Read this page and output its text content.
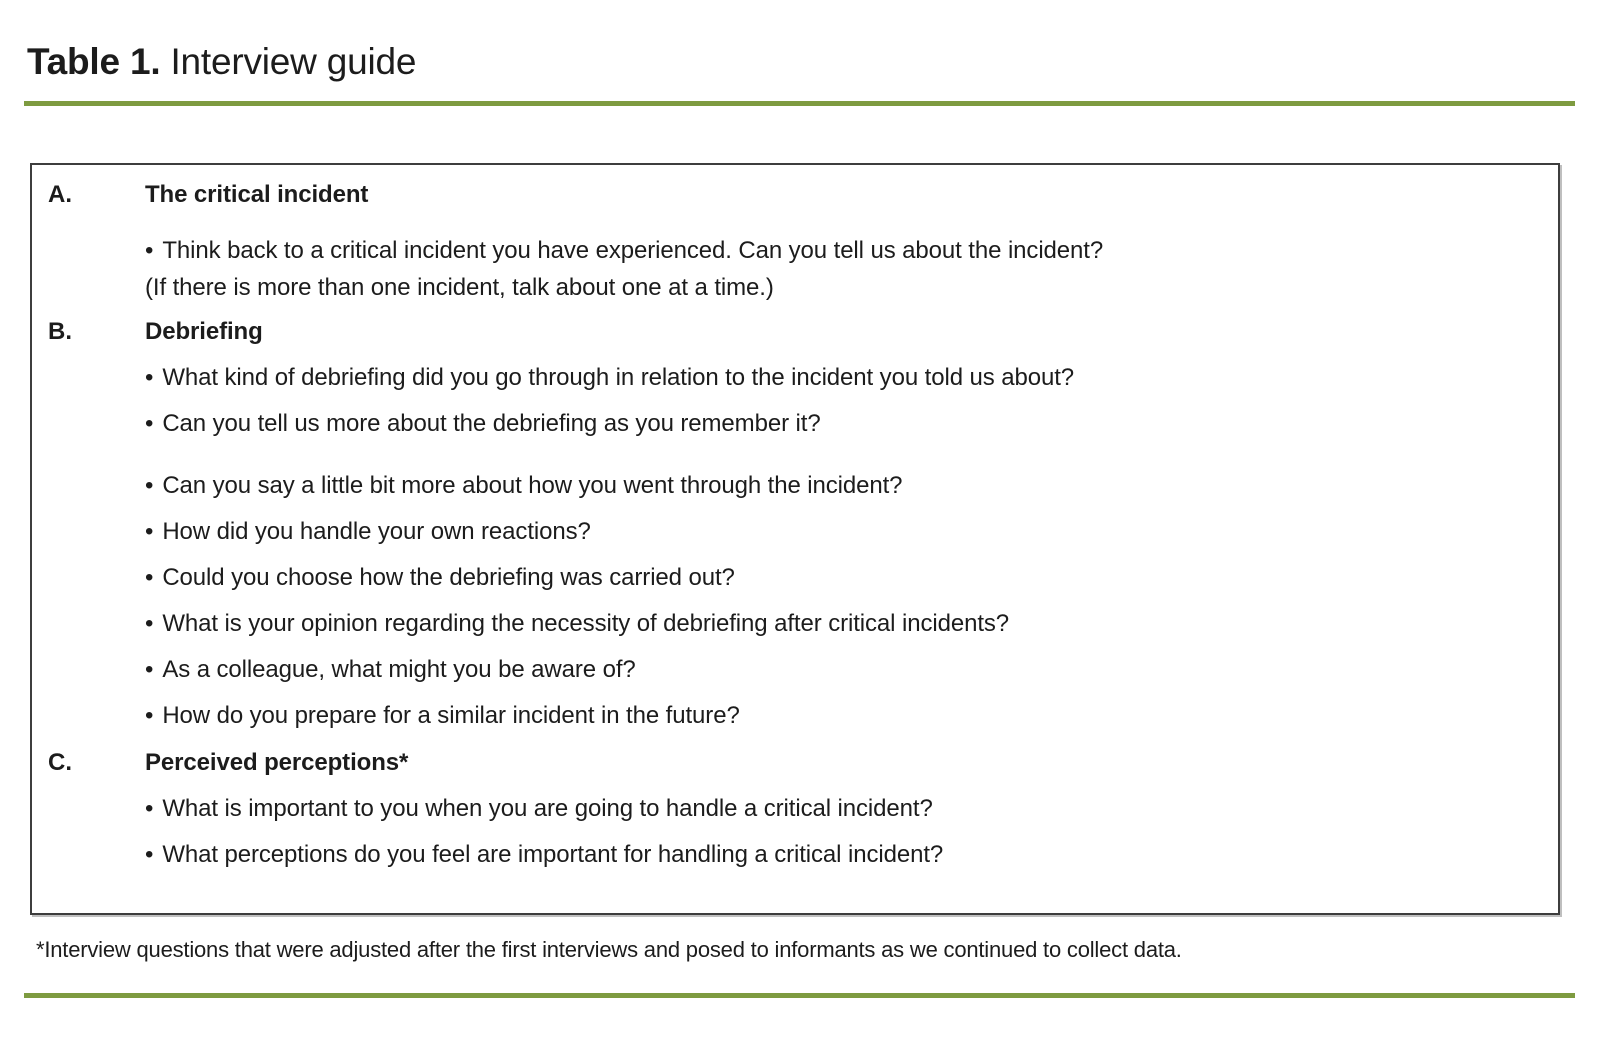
Table 1. Interview guide
A.	The critical incident
• Think back to a critical incident you have experienced. Can you tell us about the incident?
(If there is more than one incident, talk about one at a time.)
B.	Debriefing
• What kind of debriefing did you go through in relation to the incident you told us about?
• Can you tell us more about the debriefing as you remember it?
• Can you say a little bit more about how you went through the incident?
• How did you handle your own reactions?
• Could you choose how the debriefing was carried out?
• What is your opinion regarding the necessity of debriefing after critical incidents?
• As a colleague, what might you be aware of?
• How do you prepare for a similar incident in the future?
C.	Perceived perceptions*
• What is important to you when you are going to handle a critical incident?
• What perceptions do you feel are important for handling a critical incident?
*Interview questions that were adjusted after the first interviews and posed to informants as we continued to collect data.
